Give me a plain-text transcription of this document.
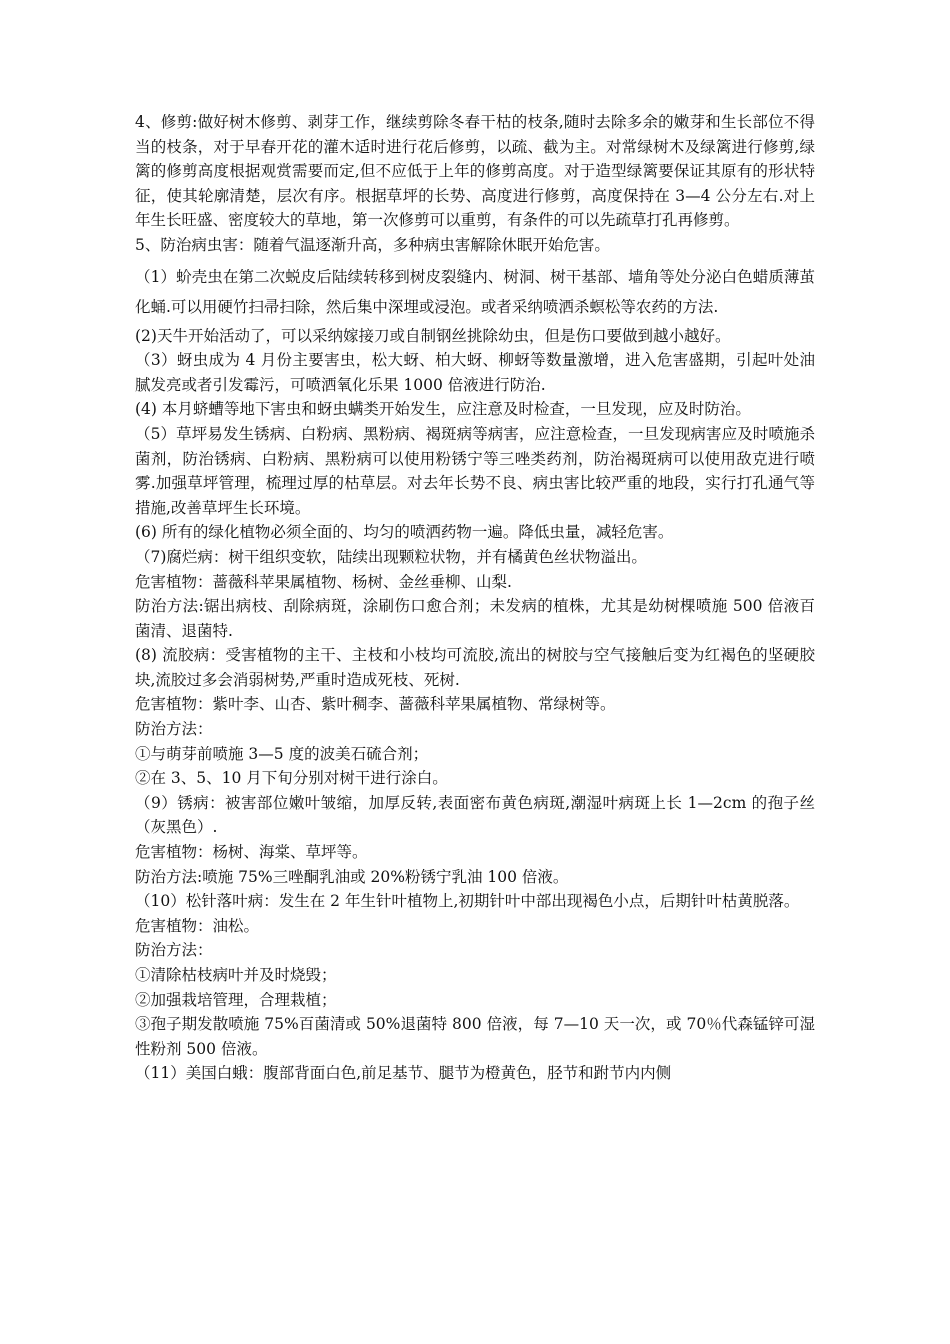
4、修剪:做好树木修剪、剥芽工作，继续剪除冬春干枯的枝条,随时去除多余的嫩芽和生长部位不得当的枝条，对于早春开花的灌木适时进行花后修剪，以疏、截为主。对常绿树木及绿篱进行修剪,绿篱的修剪高度根据观赏需要而定,但不应低于上年的修剪高度。对于造型绿篱要保证其原有的形状特征，使其轮廓清楚，层次有序。根据草坪的长势、高度进行修剪，高度保持在 3—4 公分左右.对上年生长旺盛、密度较大的草地，第一次修剪可以重剪，有条件的可以先疏草打孔再修剪。

5、防治病虫害：随着气温逐渐升高，多种病虫害解除休眠开始危害。

（1）蚧壳虫在第二次蜕皮后陆续转移到树皮裂缝内、树洞、树干基部、墙角等处分泌白色蜡质薄茧化蛹.可以用硬竹扫帚扫除，然后集中深埋或浸泡。或者采纳喷洒杀螟松等农药的方法.

(2)天牛开始活动了，可以采纳嫁接刀或自制钢丝挑除幼虫，但是伤口要做到越小越好。

（3）蚜虫成为 4 月份主要害虫，松大蚜、柏大蚜、柳蚜等数量激增，进入危害盛期，引起叶处油腻发亮或者引发霉污，可喷洒氧化乐果 1000 倍液进行防治.

(4) 本月蛴螬等地下害虫和蚜虫螨类开始发生，应注意及时检查，一旦发现，应及时防治。

（5）草坪易发生锈病、白粉病、黑粉病、褐斑病等病害，应注意检查，一旦发现病害应及时喷施杀菌剂，防治锈病、白粉病、黑粉病可以使用粉锈宁等三唑类药剂，防治褐斑病可以使用敌克进行喷雾.加强草坪管理，梳理过厚的枯草层。对去年长势不良、病虫害比较严重的地段，实行打孔通气等措施,改善草坪生长环境。

(6) 所有的绿化植物必须全面的、均匀的喷洒药物一遍。降低虫量，减轻危害。

（7)腐烂病：树干组织变软，陆续出现颗粒状物，并有橘黄色丝状物溢出。

危害植物：蔷薇科苹果属植物、杨树、金丝垂柳、山梨.

防治方法:锯出病枝、刮除病斑，涂刷伤口愈合剂；未发病的植株，尤其是幼树棵喷施 500 倍液百菌清、退菌特.

(8) 流胶病：受害植物的主干、主枝和小枝均可流胶,流出的树胶与空气接触后变为红褐色的坚硬胶块,流胶过多会消弱树势,严重时造成死枝、死树.

危害植物：紫叶李、山杏、紫叶稠李、蔷薇科苹果属植物、常绿树等。

防治方法：

①与萌芽前喷施 3—5 度的波美石硫合剂；

②在 3、5、10 月下旬分别对树干进行涂白。

（9）锈病：被害部位嫩叶皱缩，加厚反转,表面密布黄色病斑,潮湿叶病斑上长 1—2cm 的孢子丝（灰黑色）.

危害植物：杨树、海棠、草坪等。

防治方法:喷施 75%三唑酮乳油或 20%粉锈宁乳油 100 倍液。

（10）松针落叶病：发生在 2 年生针叶植物上,初期针叶中部出现褐色小点，后期针叶枯黄脱落。

危害植物：油松。

防治方法：

①清除枯枝病叶并及时烧毁；

②加强栽培管理，合理栽植；

③孢子期发散喷施 75%百菌清或 50%退菌特 800 倍液，每 7—10 天一次，或 70％代森锰锌可湿性粉剂 500 倍液。

（11）美国白蛾：腹部背面白色,前足基节、腿节为橙黄色，胫节和跗节内内侧
